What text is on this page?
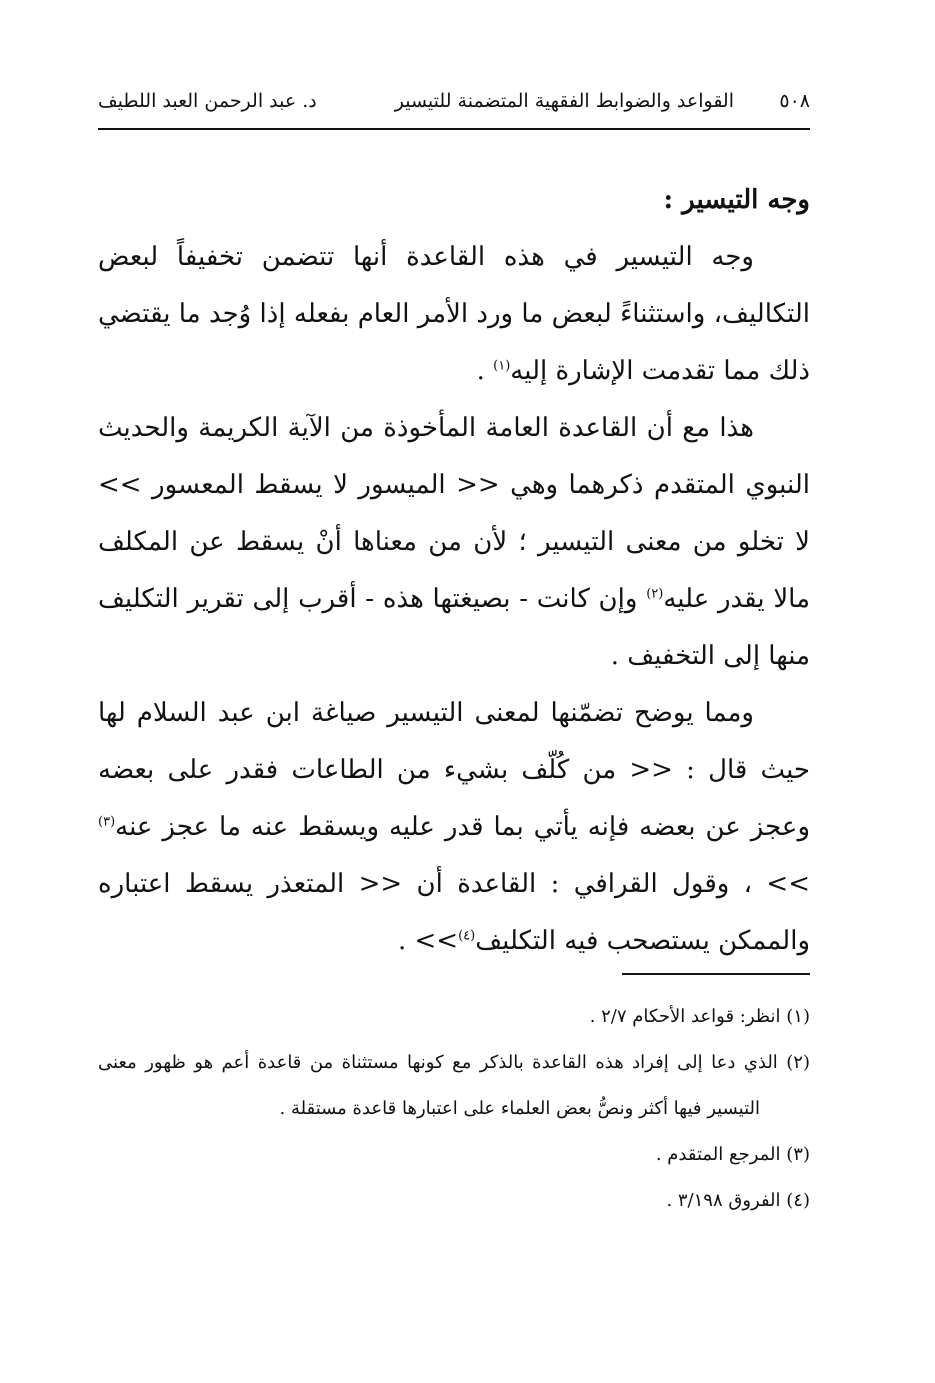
٥٠٨
القواعد والضوابط الفقهية المتضمنة للتيسير
د. عبد الرحمن العبد اللطيف

وجه التيسير :

وجه التيسير في هذه القاعدة أنها تتضمن تخفيفاً لبعض التكاليف، واستثناءً لبعض ما ورد الأمر العام بفعله إذا وُجد ما يقتضي ذلك مما تقدمت الإشارة إليه$^{(١)}$ .

هذا مع أن القاعدة العامة المأخوذة من الآية الكريمة والحديث النبوي المتقدم ذكرهما وهي << الميسور لا يسقط المعسور >> لا تخلو من معنى التيسير ؛ لأن من معناها أنْ يسقط عن المكلف مالا يقدر عليه$^{(٢)}$ وإن كانت - بصيغتها هذه - أقرب إلى تقرير التكليف منها إلى التخفيف .

ومما يوضح تضمّنها لمعنى التيسير صياغة ابن عبد السلام لها حيث قال : << من كُلّف بشيء من الطاعات فقدر على بعضه وعجز عن بعضه فإنه يأتي بما قدر عليه ويسقط عنه ما عجز عنه$^{(٣)}$ >> ، وقول القرافي : القاعدة أن << المتعذر يسقط اعتباره والممكن يستصحب فيه التكليف$^{(٤)}$>> .

(١) انظر: قواعد الأحكام ٢/٧ .

(٢) الذي دعا إلى إفراد هذه القاعدة بالذكر مع كونها مستثناة من قاعدة أعم هو ظهور معنى التيسير فيها أكثر ونصُّ بعض العلماء على اعتبارها قاعدة مستقلة .

(٣) المرجع المتقدم .

(٤) الفروق ٣/١٩٨ .
